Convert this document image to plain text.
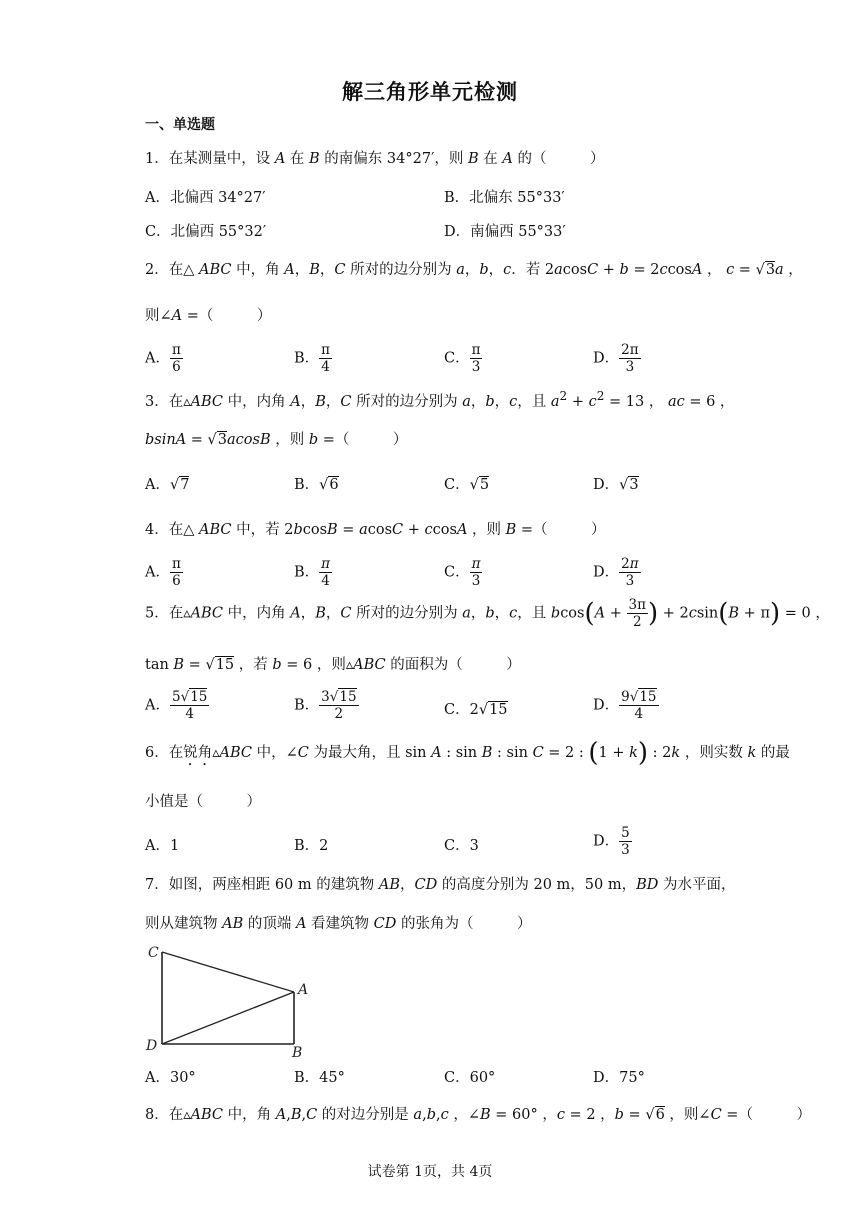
解三角形单元检测
一、单选题
1．在某测量中，设 A 在 B 的南偏东 34°27′，则 B 在 A 的（　　　）
A．北偏西 34°27′	B．北偏东 55°33′
C．北偏西 55°32′	D．南偏西 55°33′
2．在△ ABC 中，角 A，B，C 所对的边分别为 a，b，c．若 2acosC + b = 2ccosA ， c = √3a ，
则∠A =（　　　）
A． $\frac{\pi}{6}$	B． $\frac{\pi}{4}$	C． $\frac{\pi}{3}$	D． $\frac{2\pi}{3}$
3．在▵ABC 中，内角 A，B，C 所对的边分别为 a，b，c，且 $a^2 + c^2 = 13$ ， ac = 6 ，
bsinA = √3acosB ，则 b =（　　　）
A．√7	B．√6	C．√5	D．√3
4．在△ ABC 中，若 2bcosB = acosC + ccosA ，则 B =（　　　）
A． $\frac{\pi}{6}$	B． $\frac{\pi}{4}$	C． $\frac{\pi}{3}$	D． $\frac{2\pi}{3}$
5．在▵ABC 中，内角 A，B，C 所对的边分别为 a，b，c，且 $bcos(A + \frac{3\pi}{2}$ ) + 2csin(B + π) = 0 ，
tan B = √15 ，若 b = 6 ，则▵ABC 的面积为（　　　）
A． $\frac{5√15}{4}$	B． $\frac{3√15}{2}$	C．2√15	D． $\frac{9√15}{4}$
6．在锐角▵ABC 中，∠C 为最大角，且 sin A : sin B : sin C = 2 : (1 + k) : 2k ，则实数 k 的最
小值是（　　　）
A．1	B．2	C．3	D． $\frac{5}{3}$
7．如图，两座相距 60 m 的建筑物 AB，CD 的高度分别为 20 m，50 m，BD 为水平面，
则从建筑物 AB 的顶端 A 看建筑物 CD 的张角为（　　　）
C
A
D	B
A．30°	B．45°	C．60°	D．75°
8．在▵ABC 中，角 A,B,C 的对边分别是 a,b,c ，∠B = 60° ，c = 2 ，b = √6 ，则∠C =（　　　）
试卷第 1页，共 4页
